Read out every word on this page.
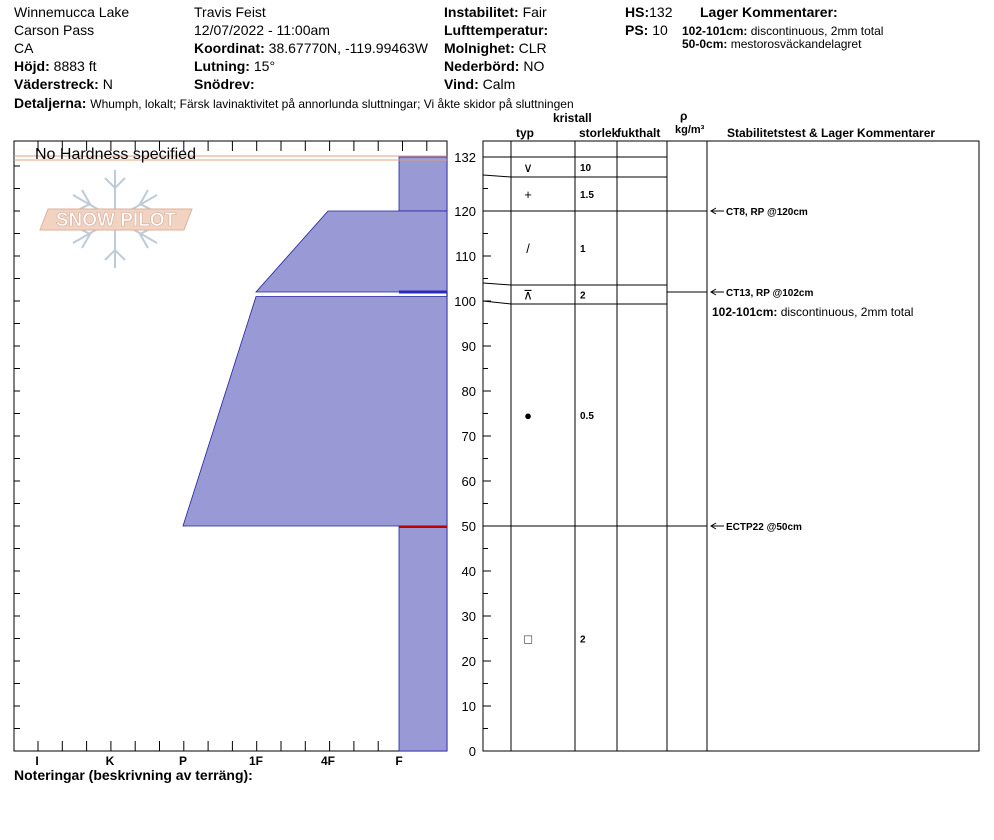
Winnemucca Lake
Carson Pass
CA
Höjd: 8883 ft
Väderstreck: N
Travis Feist
12/07/2022 - 11:00am
Koordinat: 38.67770N, -119.99463W
Lutning: 15°
Snödrev:
Instabilitet: Fair
Lufttemperatur:
Molnighet: CLR
Nederbörd: NO
Vind: Calm
HS:132
PS: 10
Lager Kommentarer:
102-101cm: discontinuous, 2mm total
50-0cm: mestorosväckandelagret
Detaljerna: Whumph, lokalt; Färsk lavinaktivitet på annorlunda sluttningar; Vi åkte skidor på sluttningen
kristall
typ	storlek
fukthalt
ρ
kg/m³ Stabilitetstest & Lager Kommentarer
Noteringar (beskrivning av terräng):
SNOW PILOT
No Hardness specified
I	K	P	1F	4F	F
0
10
20
30
40
50
60
70
80
90
100
110
120
132
∨	10
+	1.5
/	1
⊼	2
●	0.5
□	2
CT8, RP @120cm
CT13, RP @102cm
ECTP22 @50cm
102-101cm: discontinuous, 2mm total
